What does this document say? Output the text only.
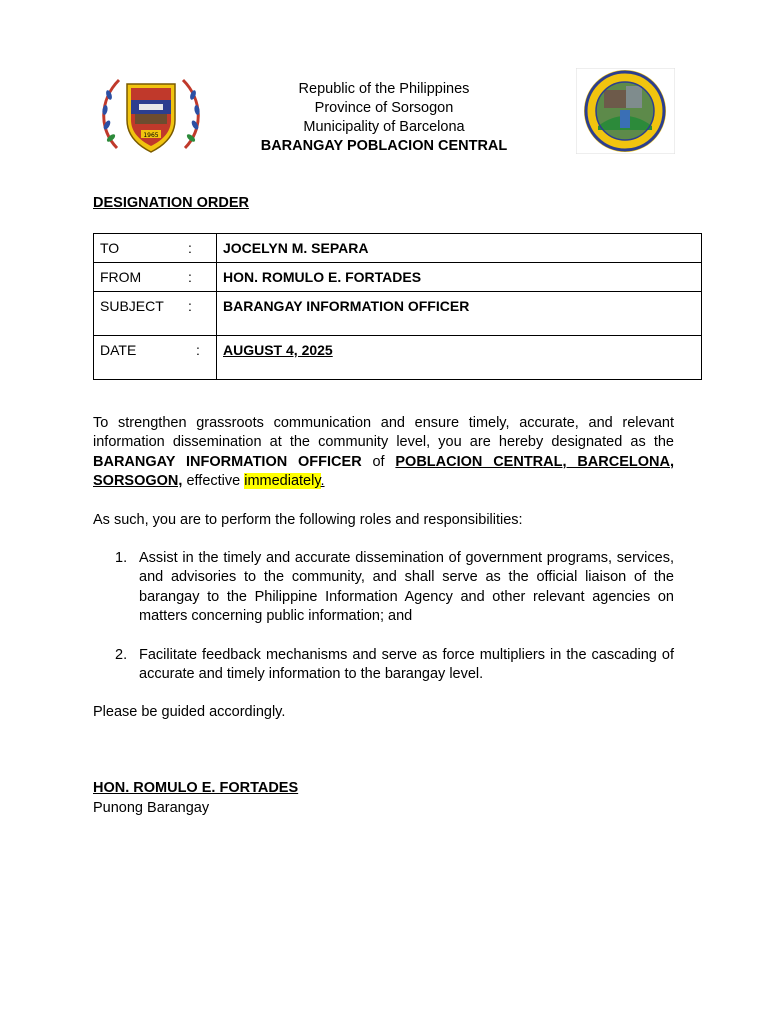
1965
Republic of the Philippines
Province of Sorsogon
Municipality of Barcelona
BARANGAY POBLACION CENTRAL
DESIGNATION ORDER
TO :	JOCELYN M. SEPARA

FROM :	HON. ROMULO E. FORTADES

SUBJECT :	BARANGAY INFORMATION OFFICER

DATE :	AUGUST 4, 2025
To strengthen grassroots communication and ensure timely, accurate, and relevant information dissemination at the community level, you are hereby designated as the BARANGAY INFORMATION OFFICER of POBLACION CENTRAL, BARCELONA, SORSOGON, effective immediately.
As such, you are to perform the following roles and responsibilities:
1. Assist in the timely and accurate dissemination of government programs, services, and advisories to the community, and shall serve as the official liaison of the barangay to the Philippine Information Agency and other relevant agencies on matters concerning public information; and
2. Facilitate feedback mechanisms and serve as force multipliers in the cascading of accurate and timely information to the barangay level.
Please be guided accordingly.
HON. ROMULO E. FORTADES
Punong Barangay
